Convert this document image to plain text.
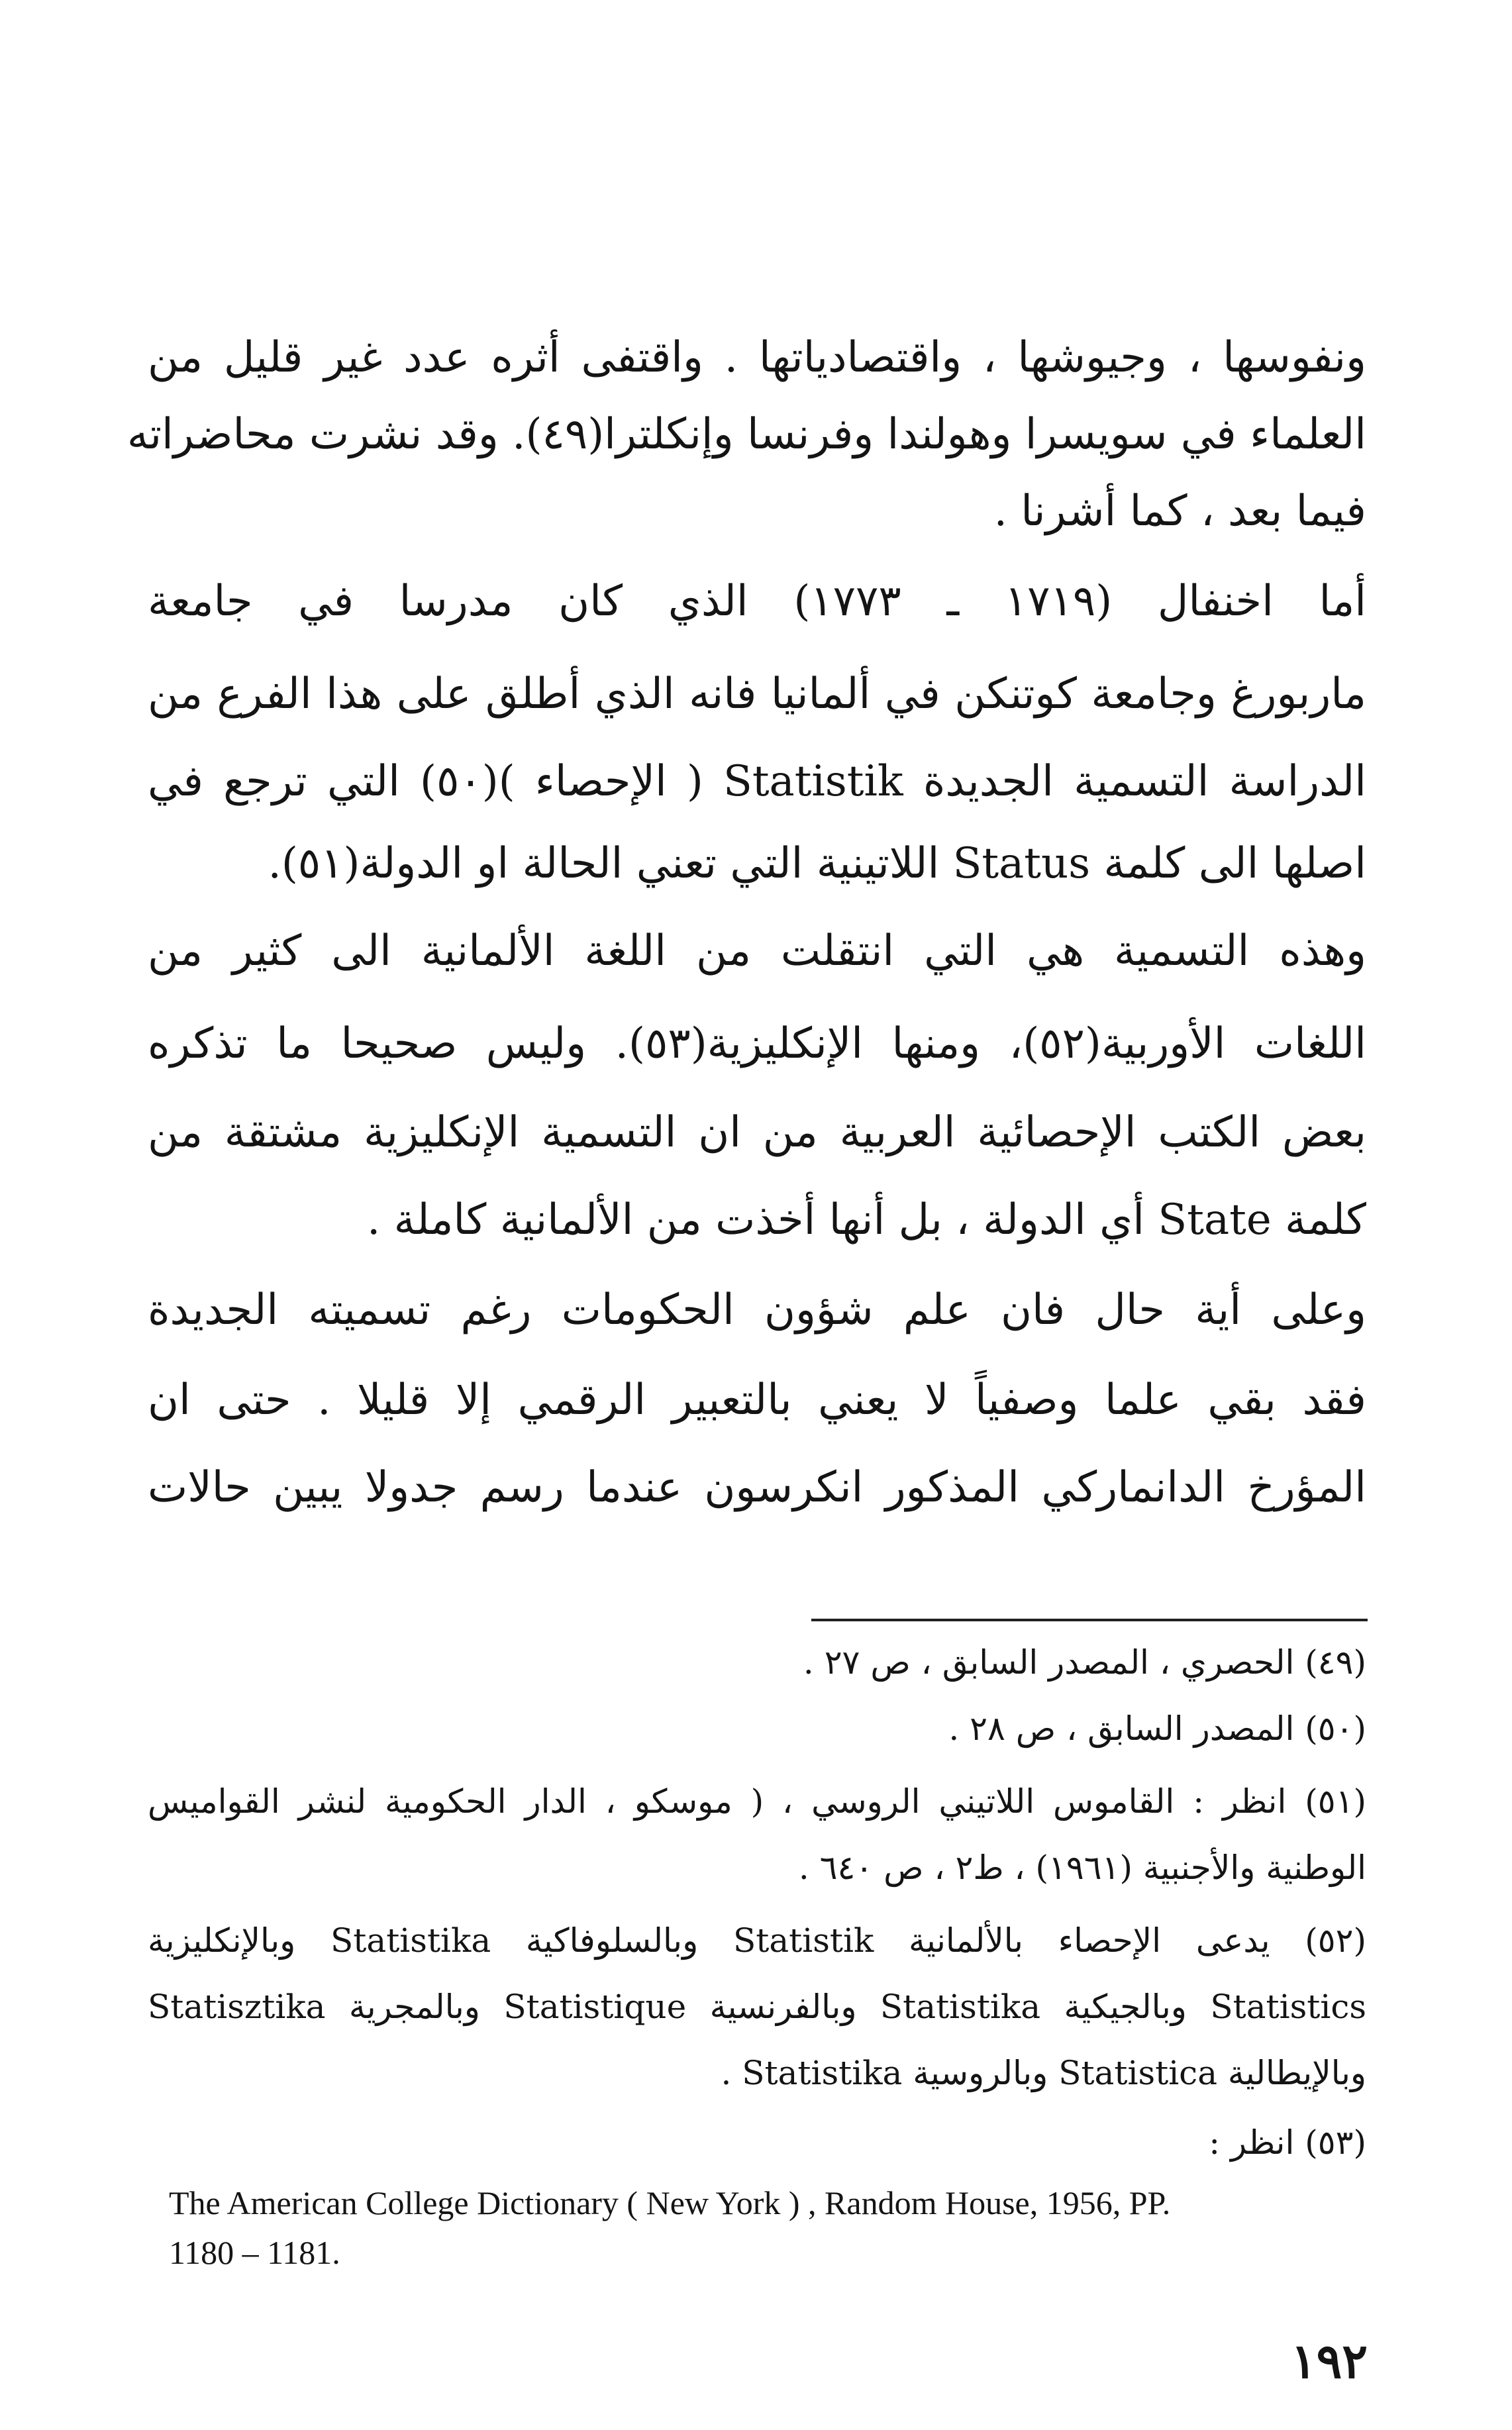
ونفوسها ، وجيوشها ، واقتصادياتها . واقتفى أثره عدد غير قليل من
العلماء في سويسرا وهولندا وفرنسا وإنكلترا(٤٩). وقد نشرت محاضراته
فيما بعد ، كما أشرنا .
أما اخنفال (١٧١٩ ـ ١٧٧٣) الذي كان مدرسا في جامعة
ماربورغ وجامعة كوتنكن في ألمانيا فانه الذي أطلق على هذا الفرع من
الدراسة التسمية الجديدة Statistik ( الإحصاء )(٥٠) التي ترجع في
اصلها الى كلمة Status اللاتينية التي تعني الحالة او الدولة(٥١).
وهذه التسمية هي التي انتقلت من اللغة الألمانية الى كثير من
اللغات الأوربية(٥٢)، ومنها الإنكليزية(٥٣). وليس صحيحا ما تذكره
بعض الكتب الإحصائية العربية من ان التسمية الإنكليزية مشتقة من
كلمة State أي الدولة ، بل أنها أخذت من الألمانية كاملة .
وعلى أية حال فان علم شؤون الحكومات رغم تسميته الجديدة
فقد بقي علما وصفياً لا يعني بالتعبير الرقمي إلا قليلا . حتى ان
المؤرخ الدانماركي المذكور انكرسون عندما رسم جدولا يبين حالات
(٤٩) الحصري ، المصدر السابق ، ص ٢٧ .
(٥٠) المصدر السابق ، ص ٢٨ .
(٥١) انظر : القاموس اللاتيني الروسي ، ( موسكو ، الدار الحكومية لنشر القواميس
الوطنية والأجنبية (١٩٦١) ، ط٢ ، ص ٦٤٠ .
(٥٢) يدعى الإحصاء بالألمانية Statistik وبالسلوفاكية Statistika وبالإنكليزية
Statistics وبالجيكية Statistika وبالفرنسية Statistique وبالمجرية Statisztika
وبالإيطالية Statistica وبالروسية Statistika .
(٥٣) انظر :
The American College Dictionary ( New York ) , Random House, 1956, PP.
1180 – 1181.
١٩٢
